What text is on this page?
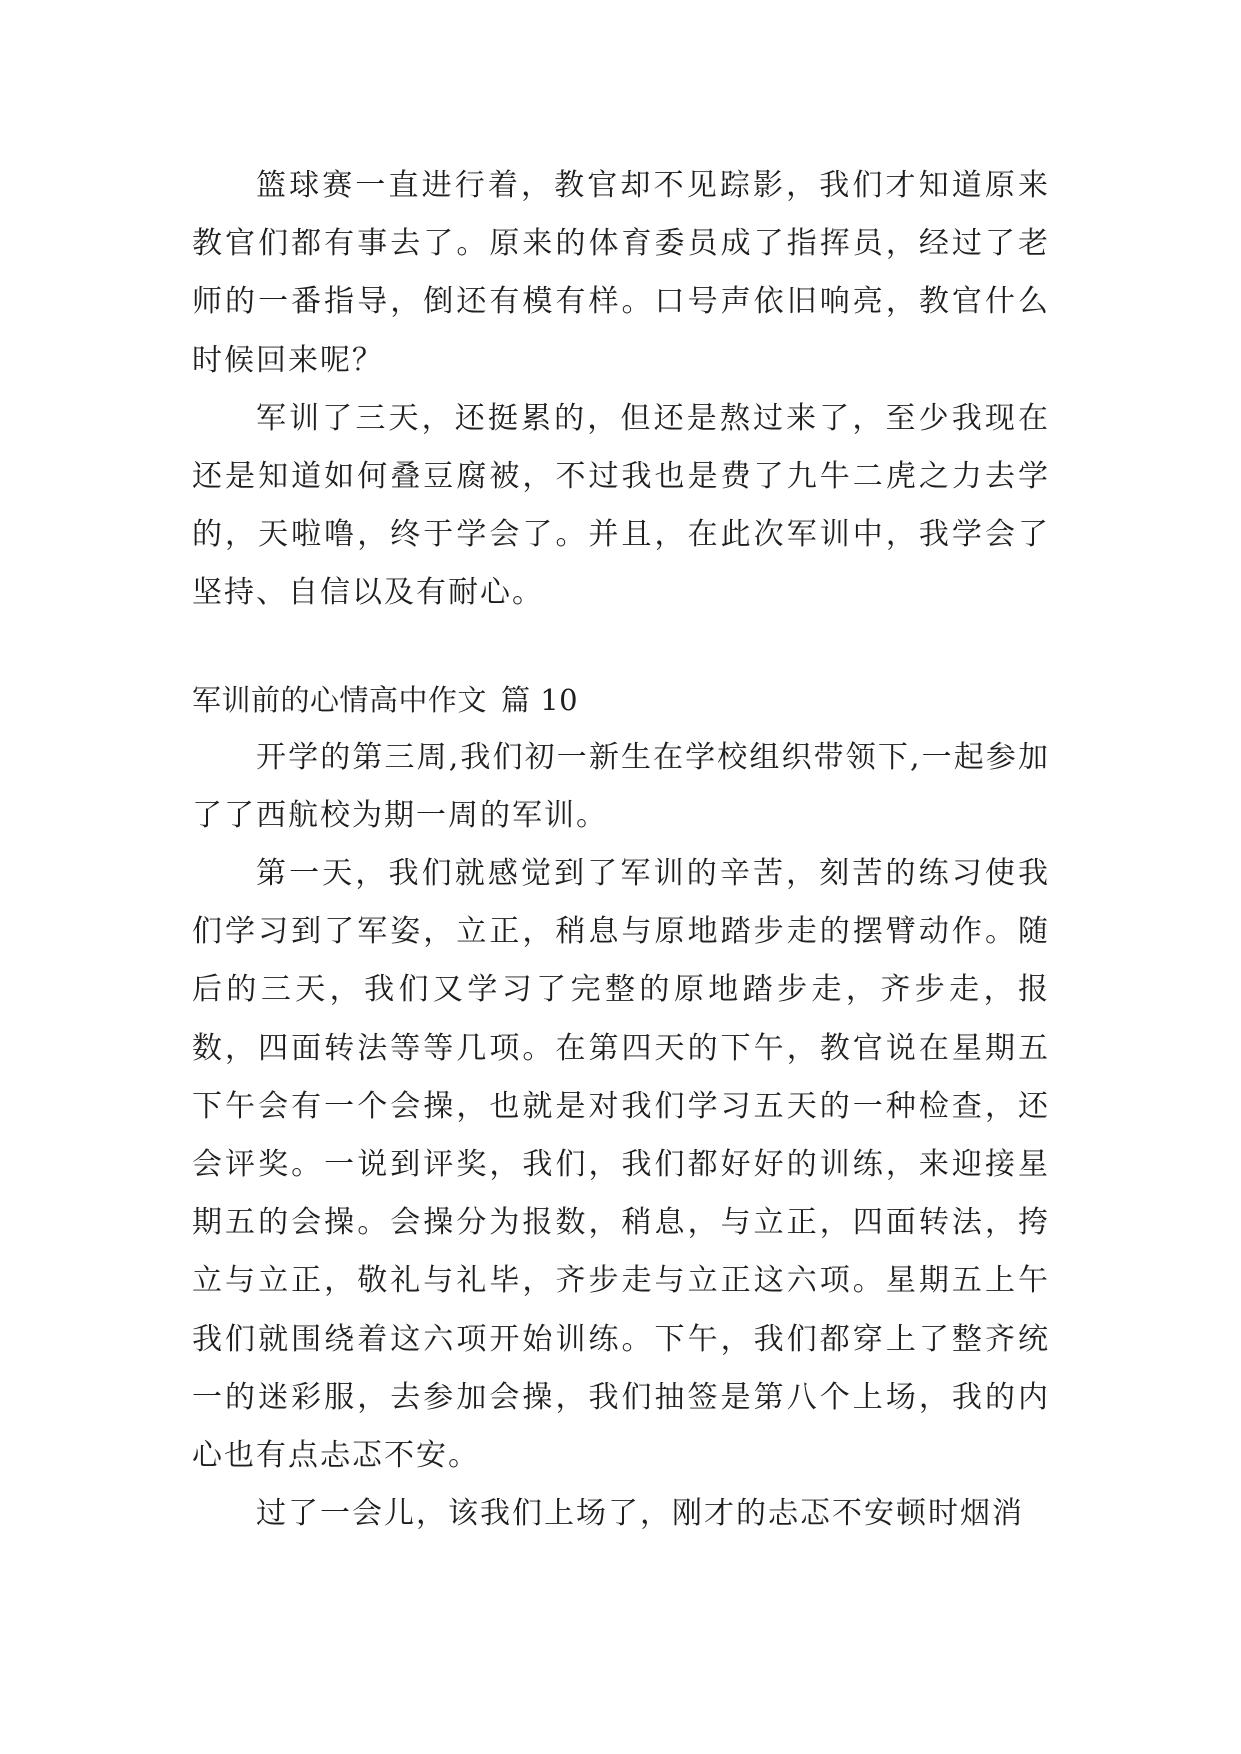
篮球赛一直进行着，教官却不见踪影，我们才知道原来教官们都有事去了。原来的体育委员成了指挥员，经过了老师的一番指导，倒还有模有样。口号声依旧响亮，教官什么时候回来呢？

军训了三天，还挺累的，但还是熬过来了，至少我现在还是知道如何叠豆腐被，不过我也是费了九牛二虎之力去学的，天啦噜，终于学会了。并且，在此次军训中，我学会了坚持、自信以及有耐心。

军训前的心情高中作文 篇 10

开学的第三周,我们初一新生在学校组织带领下,一起参加了了西航校为期一周的军训。

第一天，我们就感觉到了军训的辛苦，刻苦的练习使我们学习到了军姿，立正，稍息与原地踏步走的摆臂动作。随后的三天，我们又学习了完整的原地踏步走，齐步走，报数，四面转法等等几项。在第四天的下午，教官说在星期五下午会有一个会操，也就是对我们学习五天的一种检查，还会评奖。一说到评奖，我们，我们都好好的训练，来迎接星期五的会操。会操分为报数，稍息，与立正，四面转法，挎立与立正，敬礼与礼毕，齐步走与立正这六项。星期五上午我们就围绕着这六项开始训练。下午，我们都穿上了整齐统一的迷彩服，去参加会操，我们抽签是第八个上场，我的内心也有点忐忑不安。

过了一会儿，该我们上场了，刚才的忐忑不安顿时烟消
